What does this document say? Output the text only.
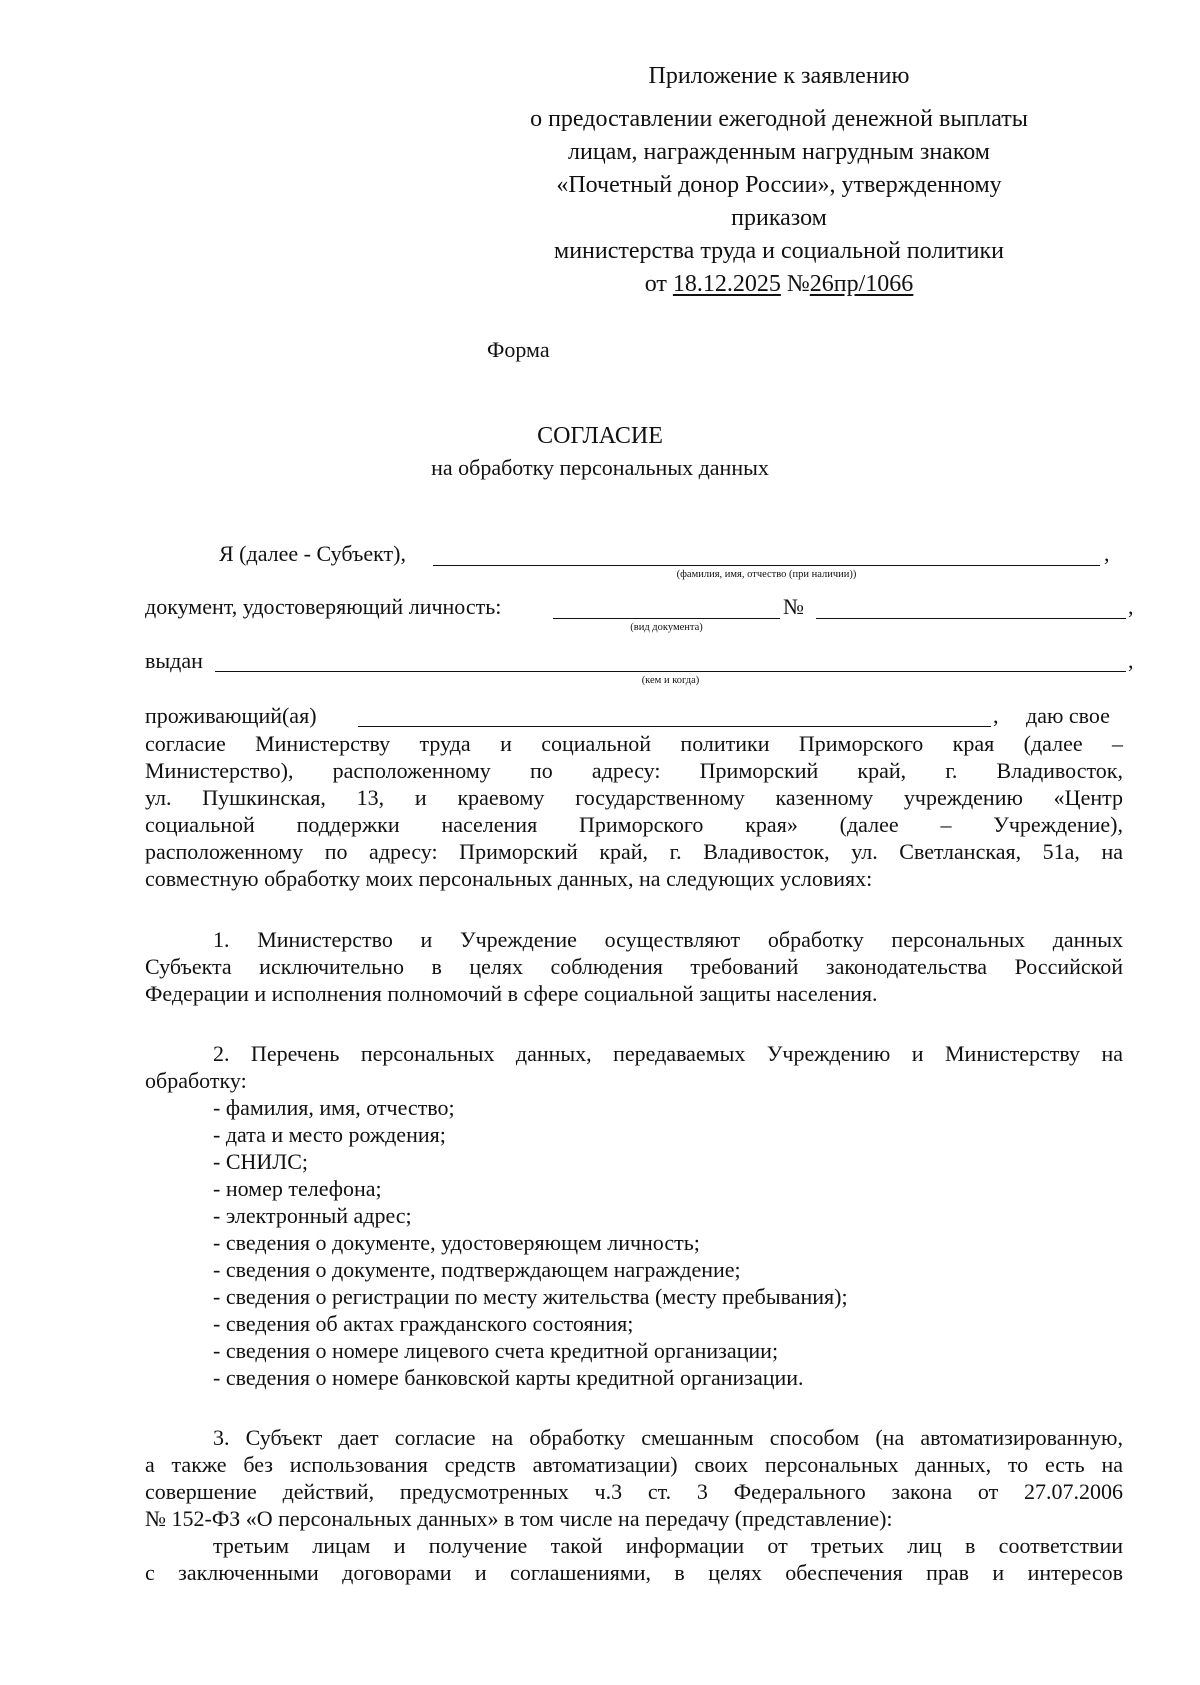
Приложение к заявлению
о предоставлении ежегодной денежной выплаты
лицам, награжденным нагрудным знаком
«Почетный донор России», утвержденному
приказом
министерства труда и социальной политики
от 18.12.2025 №26пр/1066
Форма
СОГЛАСИЕ
на обработку персональных данных
Я (далее - Субъект),	,
(фамилия, имя, отчество (при наличии))
документ, удостоверяющий личность:	№	,
(вид документа)
выдан	,
(кем и когда)
проживающий(ая)	, даю свое
согласие Министерству труда и социальной политики Приморского края (далее –
Министерство), расположенному по адресу: Приморский край, г. Владивосток,
ул. Пушкинская, 13, и краевому государственному казенному учреждению «Центр
социальной поддержки населения Приморского края» (далее – Учреждение),
расположенному по адресу: Приморский край, г. Владивосток, ул. Светланская, 51а, на
совместную обработку моих персональных данных, на следующих условиях:
1. Министерство и Учреждение осуществляют обработку персональных данных
Субъекта исключительно в целях соблюдения требований законодательства Российской
Федерации и исполнения полномочий в сфере социальной защиты населения.
2. Перечень персональных данных, передаваемых Учреждению и Министерству на
обработку:
- фамилия, имя, отчество;
- дата и место рождения;
- СНИЛС;
- номер телефона;
- электронный адрес;
- сведения о документе, удостоверяющем личность;
- сведения о документе, подтверждающем награждение;
- сведения о регистрации по месту жительства (месту пребывания);
- сведения об актах гражданского состояния;
- сведения о номере лицевого счета кредитной организации;
- сведения о номере банковской карты кредитной организации.
3. Субъект дает согласие на обработку смешанным способом (на автоматизированную,
а также без использования средств автоматизации) своих персональных данных, то есть на
совершение действий, предусмотренных ч.3 ст. 3 Федерального закона от 27.07.2006
№ 152-ФЗ «О персональных данных» в том числе на передачу (представление):
третьим лицам и получение такой информации от третьих лиц в соответствии
с заключенными договорами и соглашениями, в целях обеспечения прав и интересов
